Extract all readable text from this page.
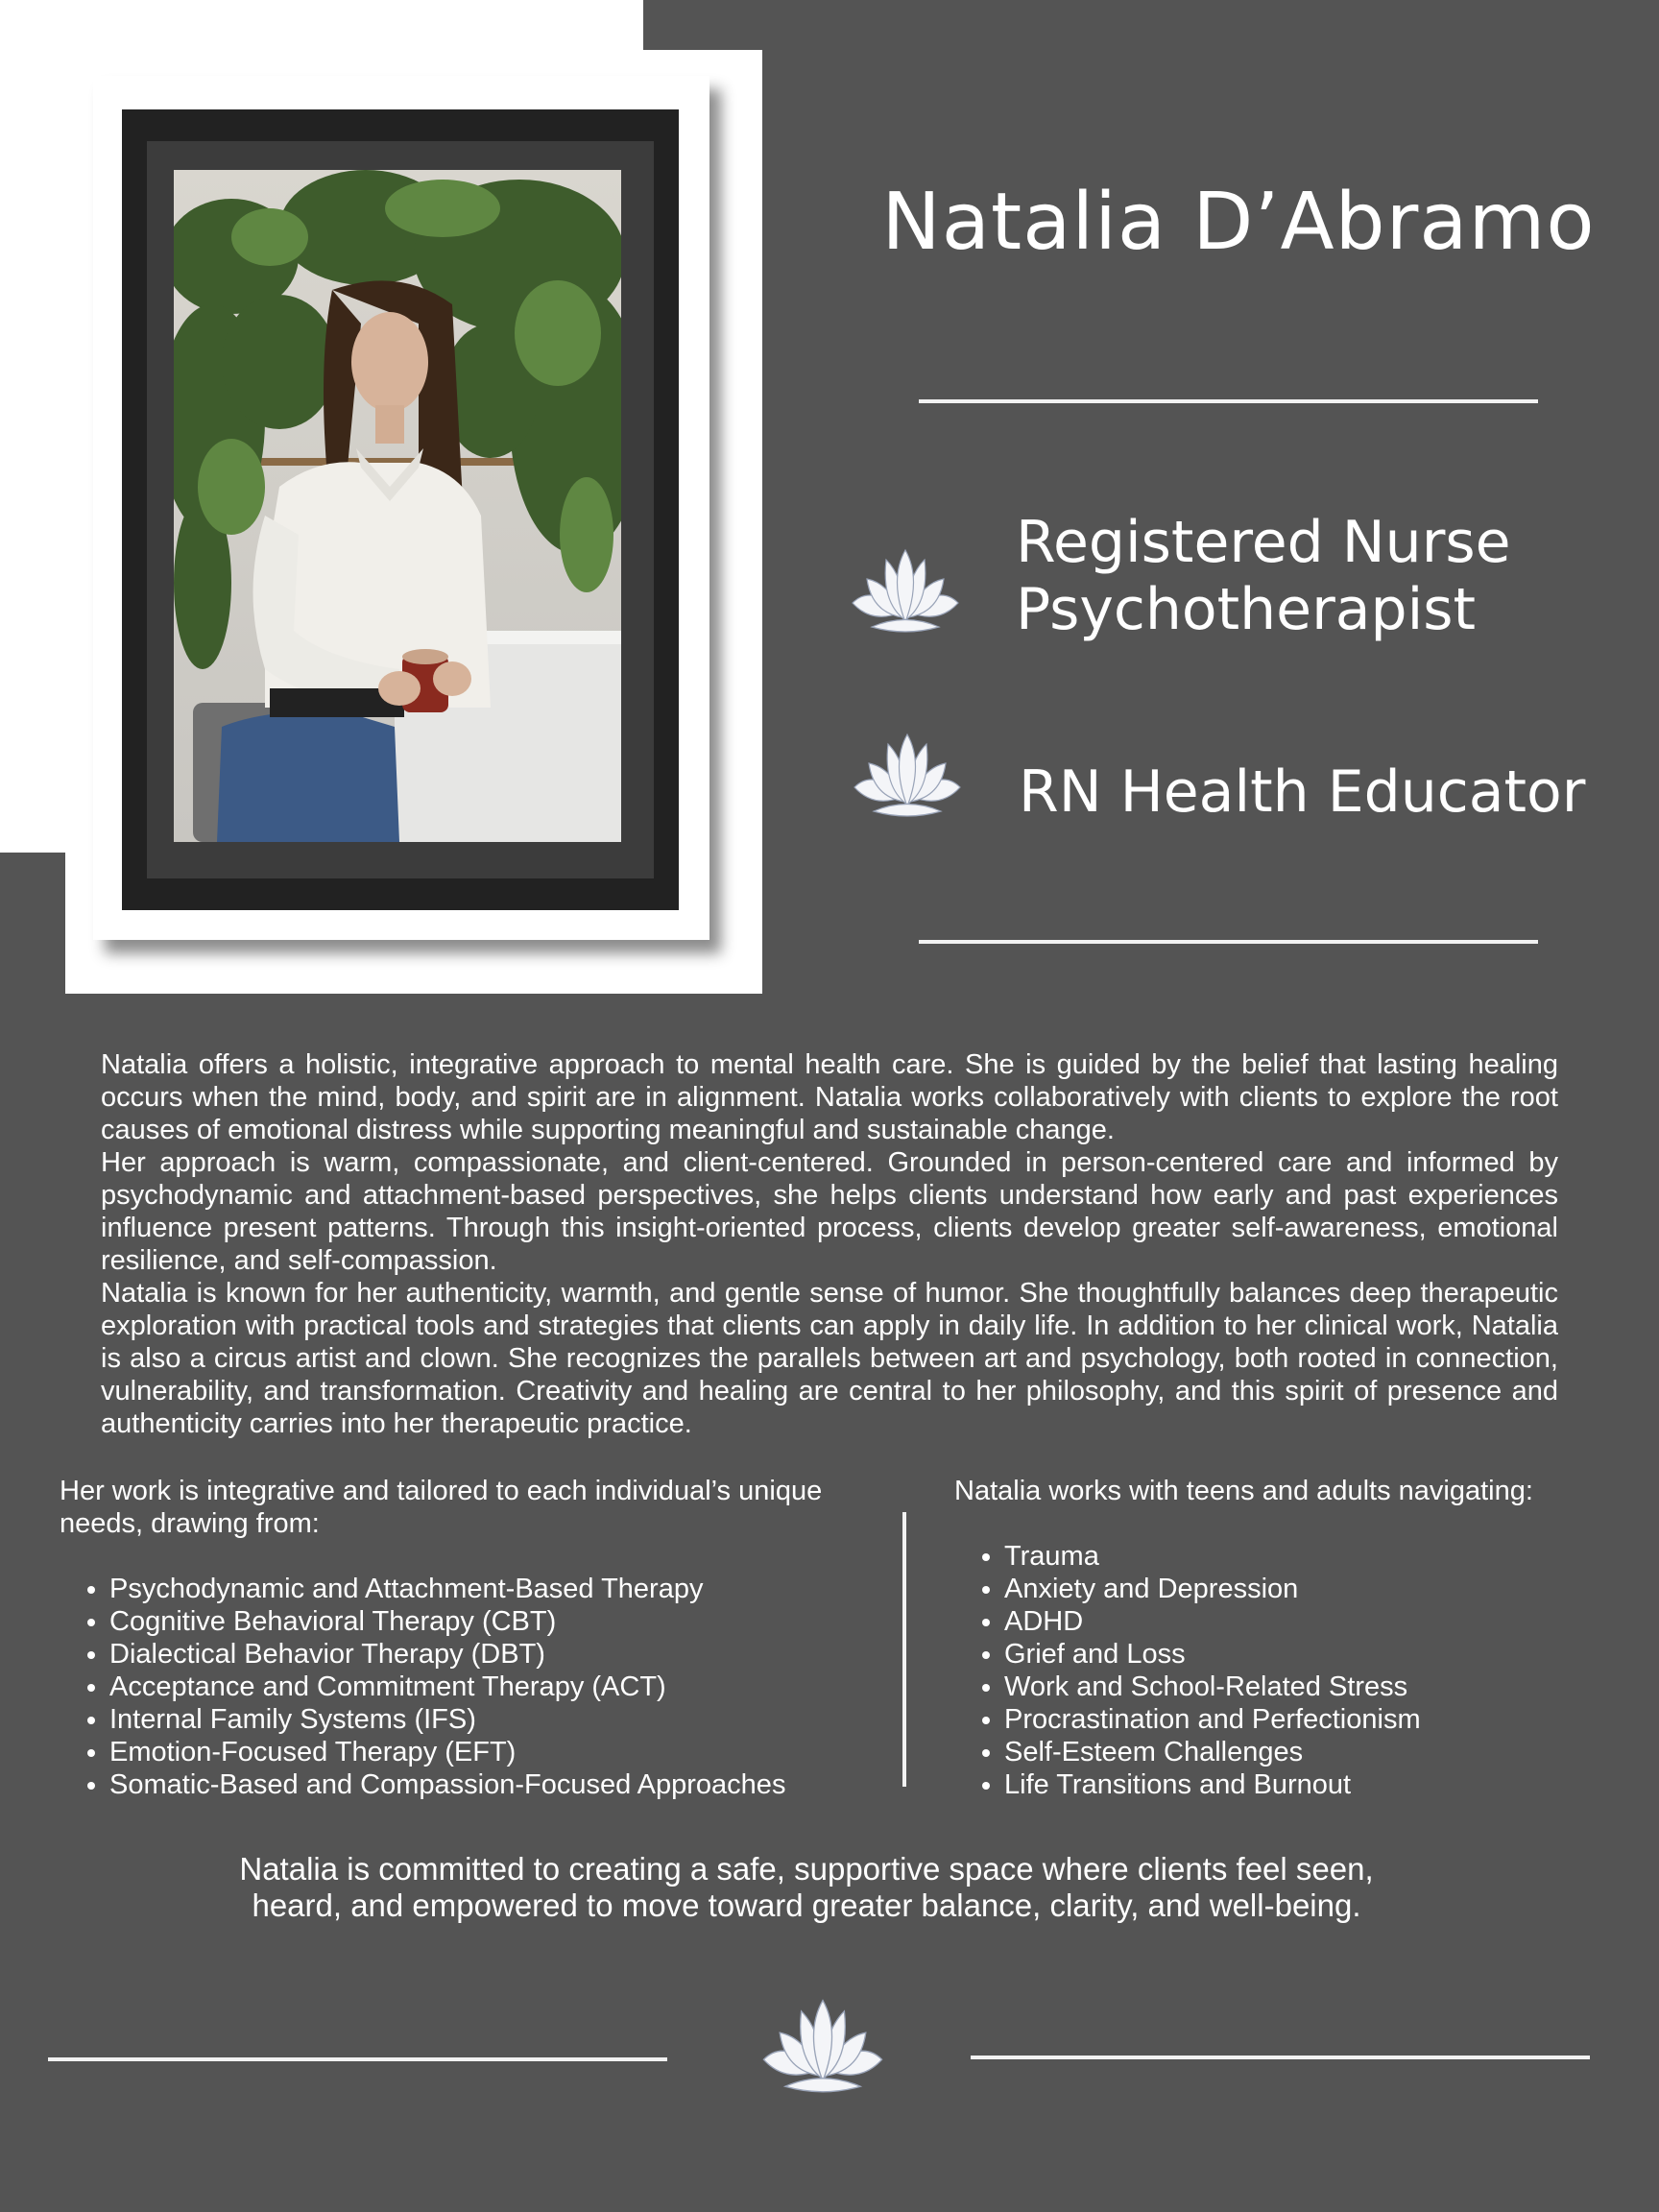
Natalia D’Abramo
Registered Nurse
Psychotherapist
RN Health Educator

Natalia offers a holistic, integrative approach to mental health care. She is guided by the belief that lasting healing occurs when the mind, body, and spirit are in alignment. Natalia works collaboratively with clients to explore the root causes of emotional distress while supporting meaningful and sustainable change.

Her approach is warm, compassionate, and client-centered. Grounded in person-centered care and informed by psychodynamic and attachment-based perspectives, she helps clients understand how early and past experiences influence present patterns. Through this insight-oriented process, clients develop greater self-awareness, emotional resilience, and self-compassion.

Natalia is known for her authenticity, warmth, and gentle sense of humor. She thoughtfully balances deep therapeutic exploration with practical tools and strategies that clients can apply in daily life. In addition to her clinical work, Natalia is also a circus artist and clown. She recognizes the parallels between art and psychology, both rooted in connection, vulnerability, and transformation. Creativity and healing are central to her philosophy, and this spirit of presence and authenticity carries into her therapeutic practice.

Her work is integrative and tailored to each individual’s unique needs, drawing from:

• Psychodynamic and Attachment-Based Therapy
• Cognitive Behavioral Therapy (CBT)
• Dialectical Behavior Therapy (DBT)
• Acceptance and Commitment Therapy (ACT)
• Internal Family Systems (IFS)
• Emotion-Focused Therapy (EFT)
• Somatic-Based and Compassion-Focused Approaches

Natalia works with teens and adults navigating:

• Trauma
• Anxiety and Depression
• ADHD
• Grief and Loss
• Work and School-Related Stress
• Procrastination and Perfectionism
• Self-Esteem Challenges
• Life Transitions and Burnout
Natalia is committed to creating a safe, supportive space where clients feel seen,
heard, and empowered to move toward greater balance, clarity, and well-being.
